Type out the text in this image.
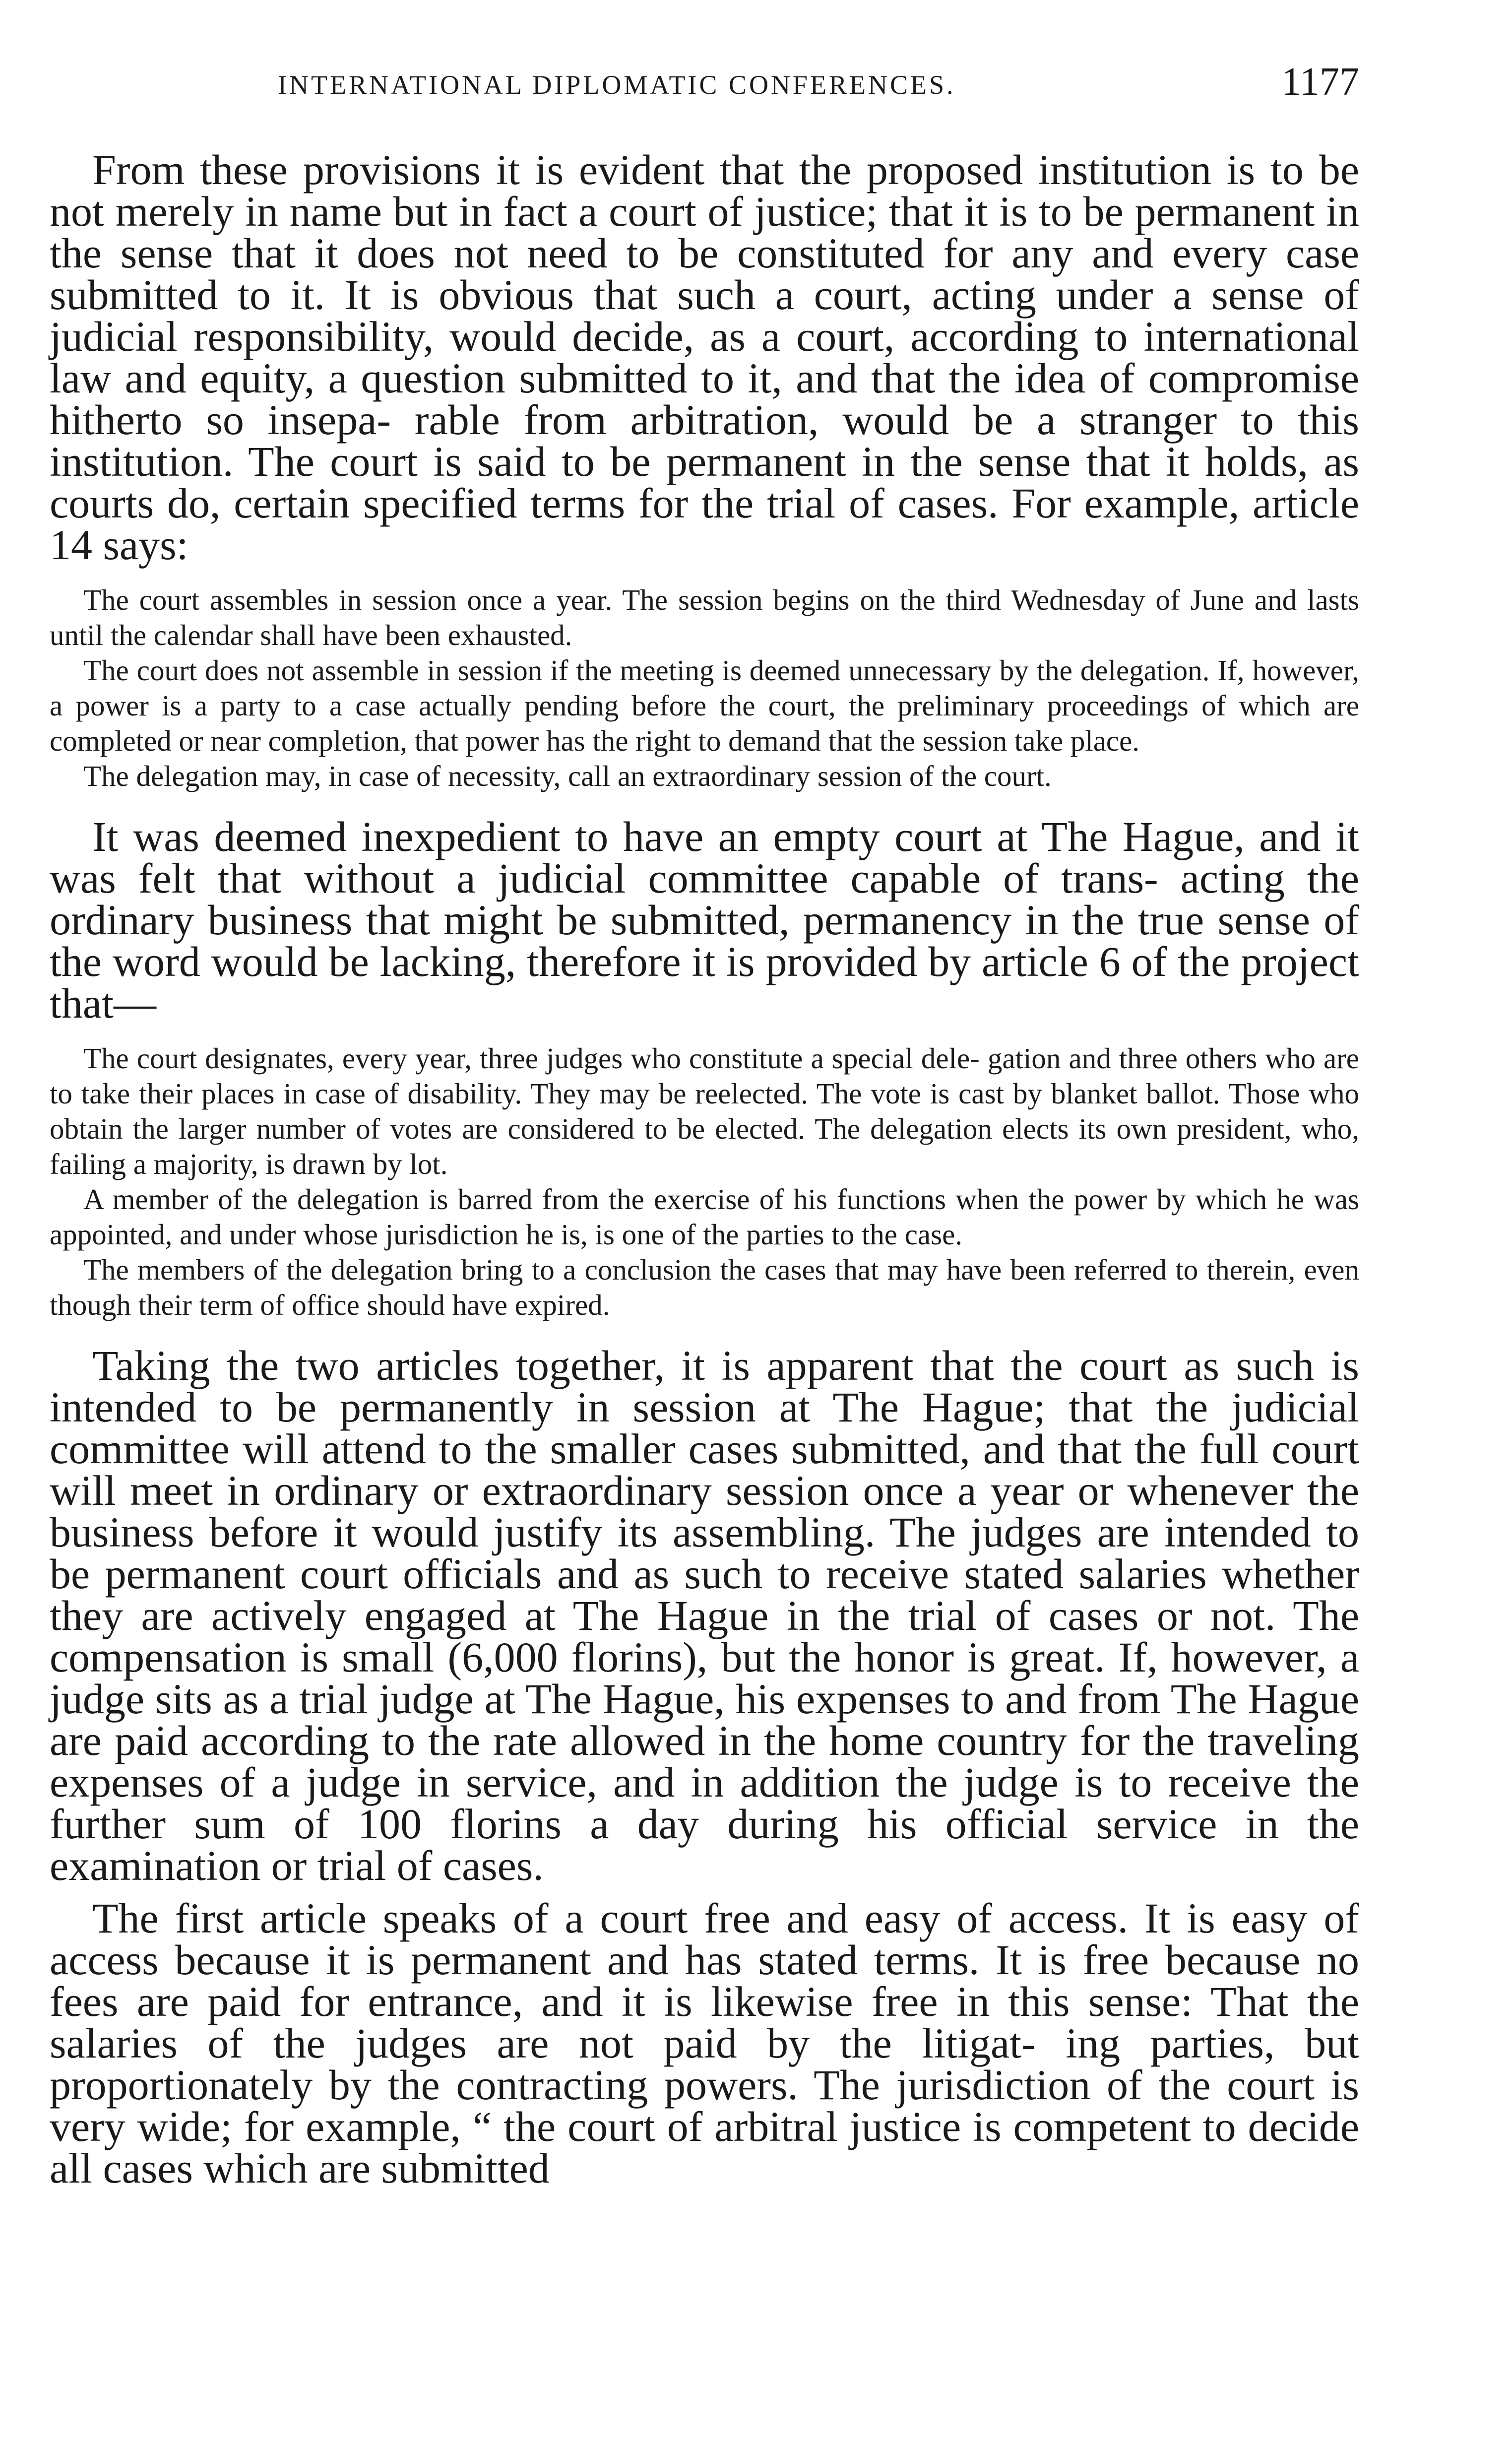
INTERNATIONAL DIPLOMATIC CONFERENCES.	1177

From these provisions it is evident that the proposed institution is to be not merely in name but in fact a court of justice; that it is to be permanent in the sense that it does not need to be constituted for any and every case submitted to it. It is obvious that such a court, acting under a sense of judicial responsibility, would decide, as a court, according to international law and equity, a question submitted to it, and that the idea of compromise hitherto so insepa- rable from arbitration, would be a stranger to this institution. The court is said to be permanent in the sense that it holds, as courts do, certain specified terms for the trial of cases. For example, article 14 says:

The court assembles in session once a year. The session begins on the third Wednesday of June and lasts until the calendar shall have been exhausted.

The court does not assemble in session if the meeting is deemed unnecessary by the delegation. If, however, a power is a party to a case actually pending before the court, the preliminary proceedings of which are completed or near completion, that power has the right to demand that the session take place.

The delegation may, in case of necessity, call an extraordinary session of the court.

It was deemed inexpedient to have an empty court at The Hague, and it was felt that without a judicial committee capable of trans- acting the ordinary business that might be submitted, permanency in the true sense of the word would be lacking, therefore it is provided by article 6 of the project that—

The court designates, every year, three judges who constitute a special dele- gation and three others who are to take their places in case of disability. They may be reelected. The vote is cast by blanket ballot. Those who obtain the larger number of votes are considered to be elected. The delegation elects its own president, who, failing a majority, is drawn by lot.

A member of the delegation is barred from the exercise of his functions when the power by which he was appointed, and under whose jurisdiction he is, is one of the parties to the case.

The members of the delegation bring to a conclusion the cases that may have been referred to therein, even though their term of office should have expired.

Taking the two articles together, it is apparent that the court as such is intended to be permanently in session at The Hague; that the judicial committee will attend to the smaller cases submitted, and that the full court will meet in ordinary or extraordinary session once a year or whenever the business before it would justify its assembling. The judges are intended to be permanent court officials and as such to receive stated salaries whether they are actively engaged at The Hague in the trial of cases or not. The compensation is small (6,000 florins), but the honor is great. If, however, a judge sits as a trial judge at The Hague, his expenses to and from The Hague are paid according to the rate allowed in the home country for the traveling expenses of a judge in service, and in addition the judge is to receive the further sum of 100 florins a day during his official service in the examination or trial of cases.

The first article speaks of a court free and easy of access. It is easy of access because it is permanent and has stated terms. It is free because no fees are paid for entrance, and it is likewise free in this sense: That the salaries of the judges are not paid by the litigat- ing parties, but proportionately by the contracting powers. The jurisdiction of the court is very wide; for example, “ the court of arbitral justice is competent to decide all cases which are submitted
